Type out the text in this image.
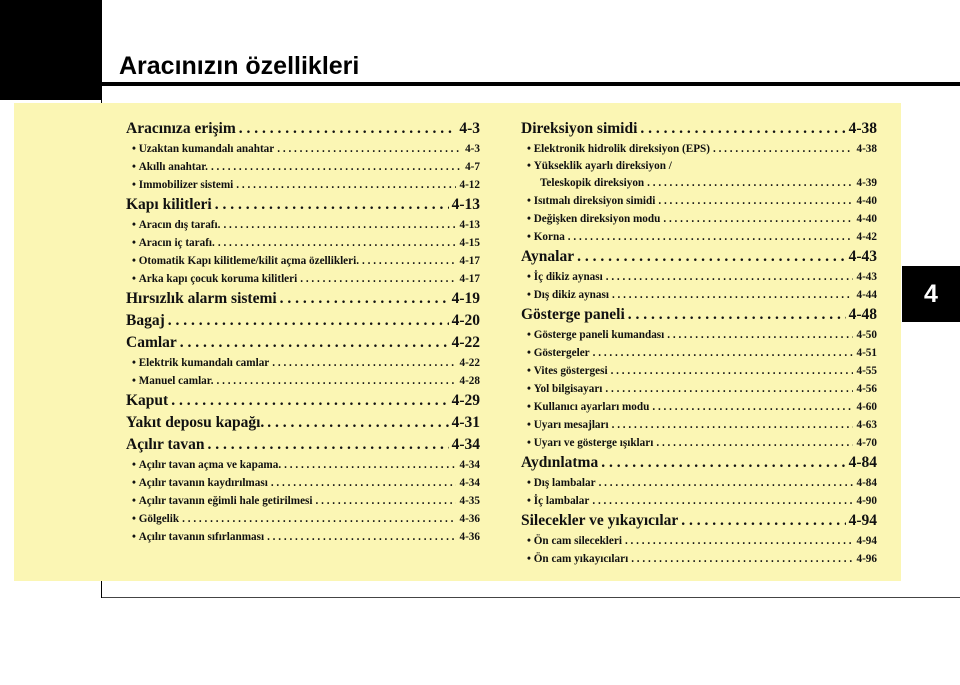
Aracınızın özellikleri
4
Aracınıza erişim . . .	4-3
• Uzaktan kumandalı anahtar . . .	4-3
• Akıllı anahtar. . . .	4-7
• Immobilizer sistemi . . .	4-12
Kapı kilitleri . . .	4-13
• Aracın dış tarafı. . . .	4-13
• Aracın iç tarafı. . . .	4-15
• Otomatik Kapı kilitleme/kilit açma özellikleri. . . .	4-17
• Arka kapı çocuk koruma kilitleri . . .	4-17
Hırsızlık alarm sistemi . . .	4-19
Bagaj . . .	4-20
Camlar . . .	4-22
• Elektrik kumandalı camlar . . .	4-22
• Manuel camlar. . . .	4-28
Kaput . . .	4-29
Yakıt deposu kapağı. . . .	4-31
Açılır tavan . . .	4-34
• Açılır tavan açma ve kapama. . . .	4-34
• Açılır tavanın kaydırılması . . .	4-34
• Açılır tavanın eğimli hale getirilmesi . . .	4-35
• Gölgelik . . .	4-36
• Açılır tavanın sıfırlanması . . .	4-36
Direksiyon simidi . . .	4-38
• Elektronik hidrolik direksiyon (EPS) . . .	4-38
• Yükseklik ayarlı direksiyon /
Teleskopik direksiyon . . .	4-39
• Isıtmalı direksiyon simidi . . .	4-40
• Değişken direksiyon modu . . .	4-40
• Korna . . .	4-42
Aynalar . . .	4-43
• İç dikiz aynası . . .	4-43
• Dış dikiz aynası . . .	4-44
Gösterge paneli . . .	4-48
• Gösterge paneli kumandası . . .	4-50
• Göstergeler . . .	4-51
• Vites göstergesi . . .	4-55
• Yol bilgisayarı . . .	4-56
• Kullanıcı ayarları modu . . .	4-60
• Uyarı mesajları . . .	4-63
• Uyarı ve gösterge ışıkları . . .	4-70
Aydınlatma . . .	4-84
• Dış lambalar . . .	4-84
• İç lambalar . . .	4-90
Silecekler ve yıkayıcılar . . .	4-94
• Ön cam silecekleri . . .	4-94
• Ön cam yıkayıcıları . . .	4-96
